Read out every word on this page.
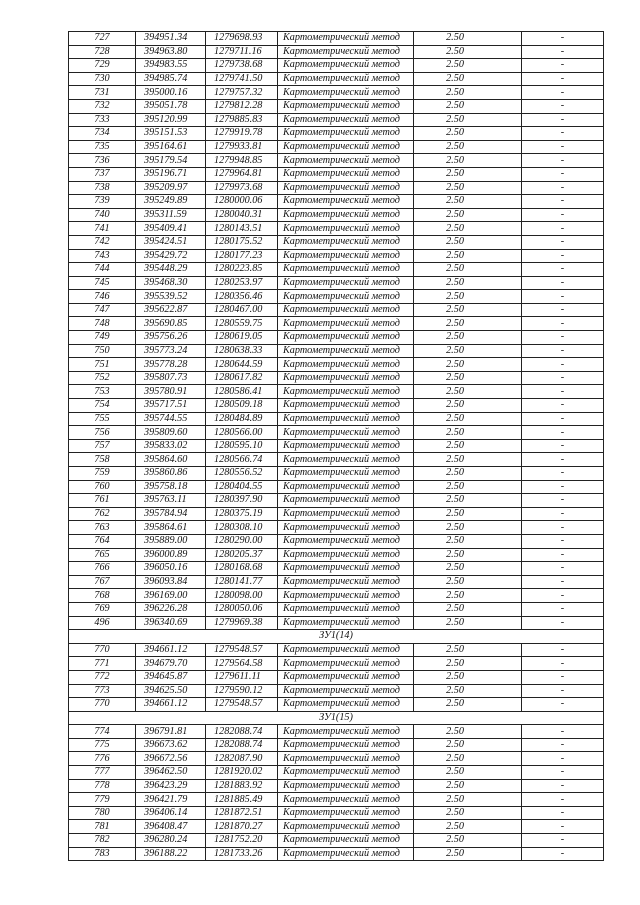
727	394951.34	1279698.93	Картометрический метод	2.50	-
728	394963.80	1279711.16	Картометрический метод	2.50	-
729	394983.55	1279738.68	Картометрический метод	2.50	-
730	394985.74	1279741.50	Картометрический метод	2.50	-
731	395000.16	1279757.32	Картометрический метод	2.50	-
732	395051.78	1279812.28	Картометрический метод	2.50	-
733	395120.99	1279885.83	Картометрический метод	2.50	-
734	395151.53	1279919.78	Картометрический метод	2.50	-
735	395164.61	1279933.81	Картометрический метод	2.50	-
736	395179.54	1279948.85	Картометрический метод	2.50	-
737	395196.71	1279964.81	Картометрический метод	2.50	-
738	395209.97	1279973.68	Картометрический метод	2.50	-
739	395249.89	1280000.06	Картометрический метод	2.50	-
740	395311.59	1280040.31	Картометрический метод	2.50	-
741	395409.41	1280143.51	Картометрический метод	2.50	-
742	395424.51	1280175.52	Картометрический метод	2.50	-
743	395429.72	1280177.23	Картометрический метод	2.50	-
744	395448.29	1280223.85	Картометрический метод	2.50	-
745	395468.30	1280253.97	Картометрический метод	2.50	-
746	395539.52	1280356.46	Картометрический метод	2.50	-
747	395622.87	1280467.00	Картометрический метод	2.50	-
748	395690.85	1280559.75	Картометрический метод	2.50	-
749	395756.26	1280619.05	Картометрический метод	2.50	-
750	395773.24	1280638.33	Картометрический метод	2.50	-
751	395778.28	1280644.59	Картометрический метод	2.50	-
752	395807.73	1280617.82	Картометрический метод	2.50	-
753	395780.91	1280586.41	Картометрический метод	2.50	-
754	395717.51	1280509.18	Картометрический метод	2.50	-
755	395744.55	1280484.89	Картометрический метод	2.50	-
756	395809.60	1280566.00	Картометрический метод	2.50	-
757	395833.02	1280595.10	Картометрический метод	2.50	-
758	395864.60	1280566.74	Картометрический метод	2.50	-
759	395860.86	1280556.52	Картометрический метод	2.50	-
760	395758.18	1280404.55	Картометрический метод	2.50	-
761	395763.11	1280397.90	Картометрический метод	2.50	-
762	395784.94	1280375.19	Картометрический метод	2.50	-
763	395864.61	1280308.10	Картометрический метод	2.50	-
764	395889.00	1280290.00	Картометрический метод	2.50	-
765	396000.89	1280205.37	Картометрический метод	2.50	-
766	396050.16	1280168.68	Картометрический метод	2.50	-
767	396093.84	1280141.77	Картометрический метод	2.50	-
768	396169.00	1280098.00	Картометрический метод	2.50	-
769	396226.28	1280050.06	Картометрический метод	2.50	-
496	396340.69	1279969.38	Картометрический метод	2.50	-
ЗУ1(14)					
770	394661.12	1279548.57	Картометрический метод	2.50	-
771	394679.70	1279564.58	Картометрический метод	2.50	-
772	394645.87	1279611.11	Картометрический метод	2.50	-
773	394625.50	1279590.12	Картометрический метод	2.50	-
770	394661.12	1279548.57	Картометрический метод	2.50	-
ЗУ1(15)					
774	396791.81	1282088.74	Картометрический метод	2.50	-
775	396673.62	1282088.74	Картометрический метод	2.50	-
776	396672.56	1282087.90	Картометрический метод	2.50	-
777	396462.50	1281920.02	Картометрический метод	2.50	-
778	396423.29	1281883.92	Картометрический метод	2.50	-
779	396421.79	1281885.49	Картометрический метод	2.50	-
780	396406.14	1281872.51	Картометрический метод	2.50	-
781	396408.47	1281870.27	Картометрический метод	2.50	-
782	396280.24	1281752.20	Картометрический метод	2.50	-
783	396188.22	1281733.26	Картометрический метод	2.50	-
